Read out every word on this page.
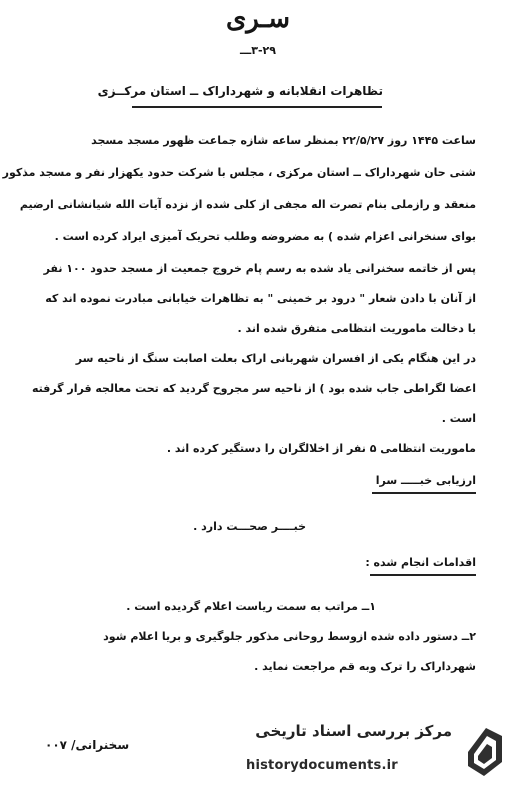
سـرى
۳-۲۹ـــ
تظاهرات انقلابانه و شهرداراک ــ استان مرکــزی
ساعت ۱۴۴۵ روز ۲۲/۵/۲۷ بمنظر ساعه شازه جماعت ظهور مسجد مسجد
شتی حان شهرداراک ــ استان مرکزی ، مجلس با شرکت حدود یکهزار نفر و مسجد مذکور
منعقد و رازملی بنام تصرت اله مجفی از کلی شده از نزده آیات الله شیانشانی ارضیم
بوای سنخرانی اعزام شده ) به مضروضه وطلب تحریک آمیزی ایراد کرده است .
پس از خاتمه سخنرانی یاد شده به رسم پام خروج جمعیت از مسجد حدود ۱۰۰ نفر
از آنان با دادن شعار " درود بر خمینی " به تظاهرات خیابانی مبادرت نموده اند که
با دخالت ماموریت انتظامی متفرق شده اند .
در این هنگام یکی از افسران شهربانی اراک بعلت اصابت سنگ از ناحیه سر
اعضا لگراطی جاب شده بود ) از ناحیه سر مجروح گردید که تحت معالجه قرار گرفته
است .
ماموریت انتظامی ۵ نفر از اخلالگران را دستگیر کرده اند .
ارزیابی خبـــــ سرا
خبــــر صحـــت دارد .
اقدامات انجام شده :
۱ــ مراتب به سمت ریاست اعلام گردیده است .
۲ــ دستور داده شده ازوسط روحانی مذکور جلوگیری و بریا اعلام شود
شهرداراک را ترک وبه قم مراجعت نماید .
سخنرانی/ ۰۰۷
مرکز بررسی اسناد تاریخی
historydocuments.ir
